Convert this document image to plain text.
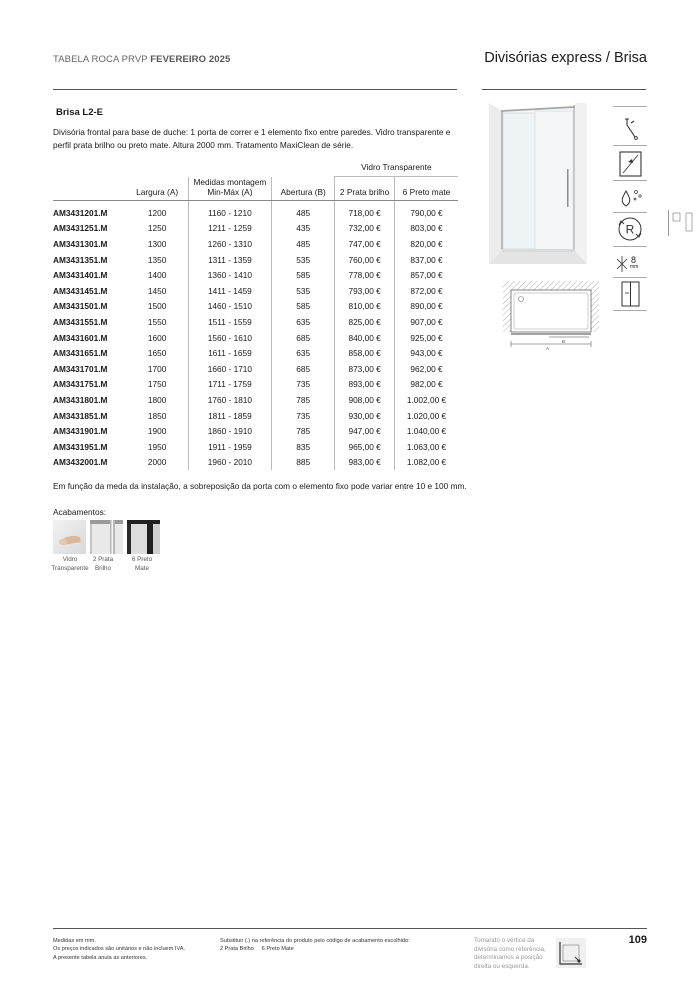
TABELA ROCA PRVP FEVEREIRO 2025	Divisórias express / Brisa
Brisa L2-E
Divisória frontal para base de duche: 1 porta de correr e 1 elemento fixo entre paredes. Vidro transparente e perfil prata brilho ou preto mate. Altura 2000 mm. Tratamento MaxiClean de série.
				Vidro Transparente	
	Largura (A)	Medidas montagem Min-Máx (A)	Abertura (B)	2 Prata brilho	6 Preto mate
AM3431201.M	1200	1160 - 1210	485	718,00 €	790,00 €
AM3431251.M	1250	1211 - 1259	435	732,00 €	803,00 €
AM3431301.M	1300	1260 - 1310	485	747,00 €	820,00 €
AM3431351.M	1350	1311 - 1359	535	760,00 €	837,00 €
AM3431401.M	1400	1360 - 1410	585	778,00 €	857,00 €
AM3431451.M	1450	1411 - 1459	535	793,00 €	872,00 €
AM3431501.M	1500	1460 - 1510	585	810,00 €	890,00 €
AM3431551.M	1550	1511 - 1559	635	825,00 €	907,00 €
AM3431601.M	1600	1560 - 1610	685	840,00 €	925,00 €
AM3431651.M	1650	1611 - 1659	635	858,00 €	943,00 €
AM3431701.M	1700	1660 - 1710	685	873,00 €	962,00 €
AM3431751.M	1750	1711 - 1759	735	893,00 €	982,00 €
AM3431801.M	1800	1760 - 1810	785	908,00 €	1.002,00 €
AM3431851.M	1850	1811 - 1859	735	930,00 €	1.020,00 €
AM3431901.M	1900	1860 - 1910	785	947,00 €	1.040,00 €
AM3431951.M	1950	1911 - 1959	835	965,00 €	1.063,00 €
AM3432001.M	2000	1960 - 2010	885	983,00 €	1.082,00 €
Em função da meda da instalação, a sobreposição da porta com o elemento fixo pode variar entre 10 e 100 mm.
Acabamentos:
Vidro
Transparente
2 Prata
Brilho
6 Preto
Mate
B
A
R
8
mm
Medidas em mm.
Os preços indicados são unitários e não incluem IVA.
A presente tabela anula as anteriores.
Substituir (.) na referência do produto pelo código de acabamento escolhido:
2 Prata Brilho     6 Preto Mate
Tomando o vértice da
divisória como referência,
determinamos a posição
direita ou esquerda.
109
